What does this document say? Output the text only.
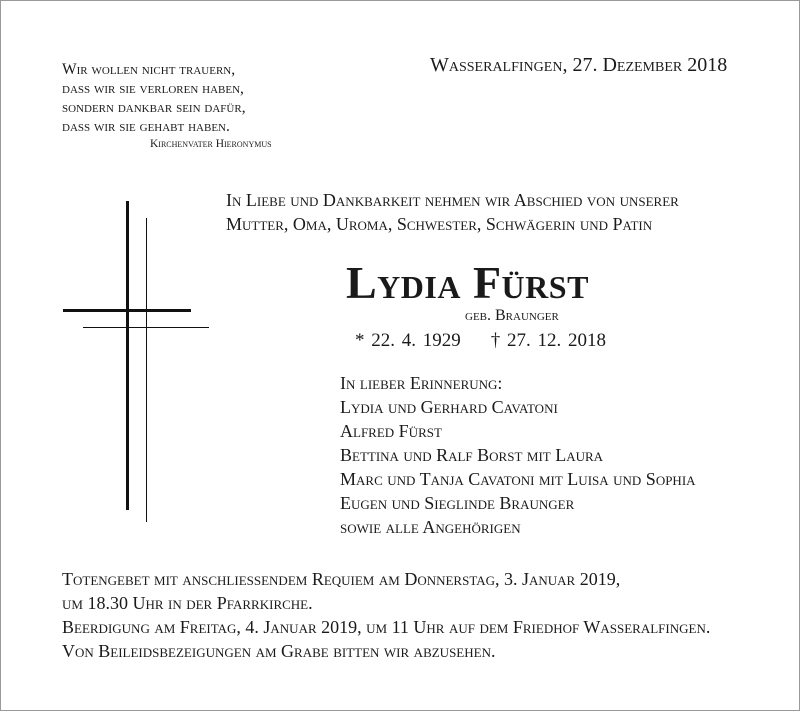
Wir wollen nicht trauern,
dass wir sie verloren haben,
sondern dankbar sein dafür,
dass wir sie gehabt haben.
Kirchenvater Hieronymus
Wasseralfingen, 27. Dezember 2018
In Liebe und Dankbarkeit nehmen wir Abschied von unserer
Mutter, Oma, Uroma, Schwester, Schwägerin und Patin
Lydia Fürst
geb. Braunger
* 22. 4. 1929 † 27. 12. 2018
In lieber Erinnerung:
Lydia und Gerhard Cavatoni
Alfred Fürst
Bettina und Ralf Borst mit Laura
Marc und Tanja Cavatoni mit Luisa und Sophia
Eugen und Sieglinde Braunger
sowie alle Angehörigen
Totengebet mit anschliessendem Requiem am Donnerstag, 3. Januar 2019,
um 18.30 Uhr in der Pfarrkirche.
Beerdigung am Freitag, 4. Januar 2019, um 11 Uhr auf dem Friedhof Wasseralfingen.
Von Beileidsbezeigungen am Grabe bitten wir abzusehen.
